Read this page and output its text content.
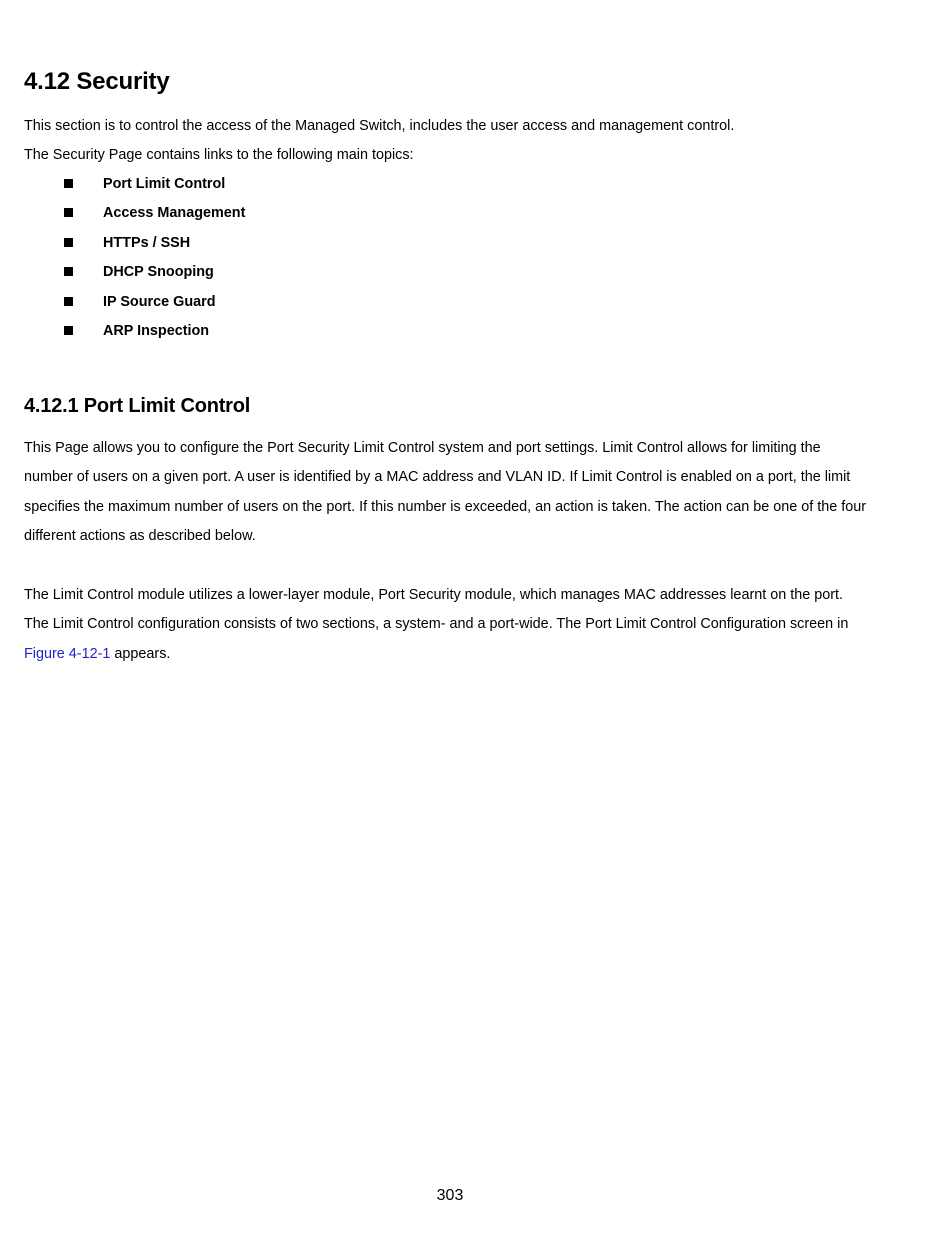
4.12 Security

This section is to control the access of the Managed Switch, includes the user access and management control.

The Security Page contains links to the following main topics:

Port Limit Control
Access Management
HTTPs / SSH
DHCP Snooping
IP Source Guard
ARP Inspection
4.12.1 Port Limit Control
This Page allows you to configure the Port Security Limit Control system and port settings. Limit Control allows for limiting the
number of users on a given port. A user is identified by a MAC address and VLAN ID. If Limit Control is enabled on a port, the limit
specifies the maximum number of users on the port. If this number is exceeded, an action is taken. The action can be one of the four
different actions as described below.
The Limit Control module utilizes a lower-layer module, Port Security module, which manages MAC addresses learnt on the port.
The Limit Control configuration consists of two sections, a system- and a port-wide. The Port Limit Control Configuration screen in
Figure 4-12-1 appears.
303
